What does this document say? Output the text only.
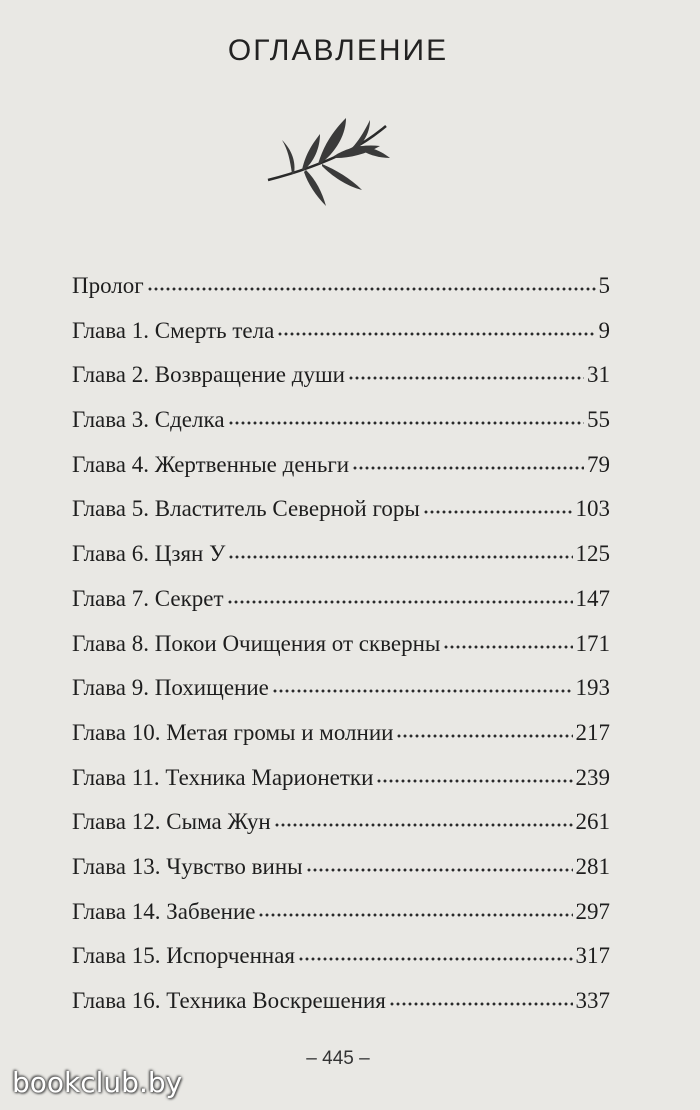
ОГЛАВЛЕНИЕ
Пролог	5
Глава 1. Смерть тела	9
Глава 2. Возвращение души	31
Глава 3. Сделка	55
Глава 4. Жертвенные деньги	79
Глава 5. Властитель Северной горы	103
Глава 6. Цзян У	125
Глава 7. Секрет	147
Глава 8. Покои Очищения от скверны	171
Глава 9. Похищение	193
Глава 10. Метая громы и молнии	217
Глава 11. Техника Марионетки	239
Глава 12. Сыма Жун	261
Глава 13. Чувство вины	281
Глава 14. Забвение	297
Глава 15. Испорченная	317
Глава 16. Техника Воскрешения	337
– 445 –
bookclub.by
